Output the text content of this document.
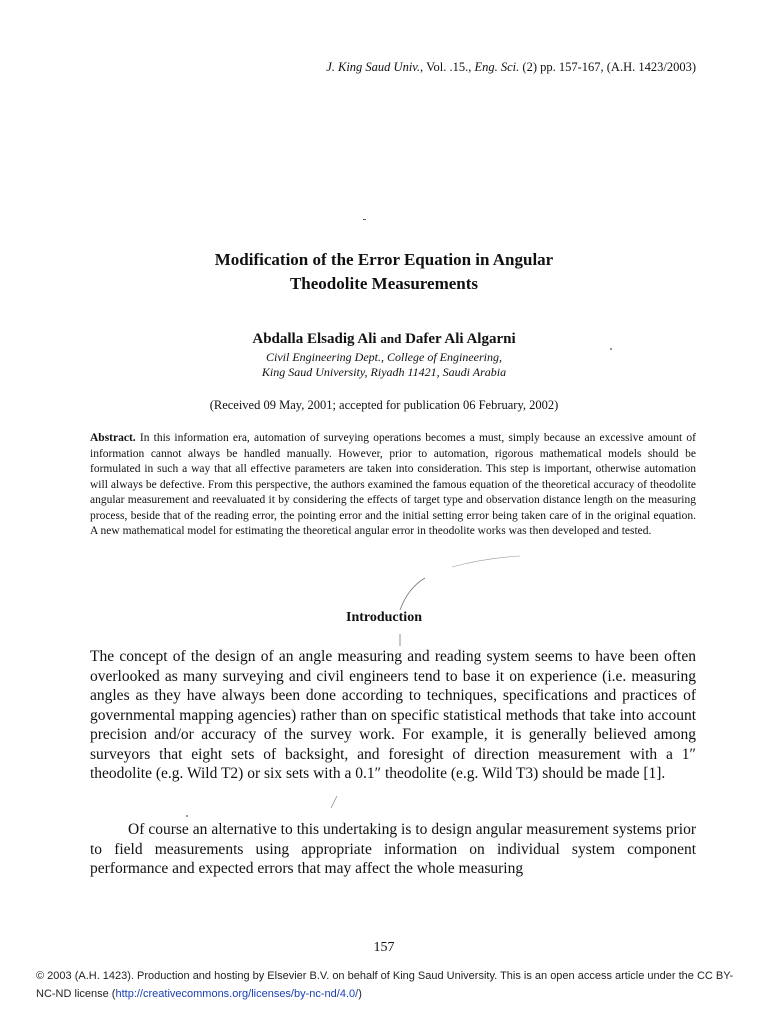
J. King Saud Univ., Vol. .15., Eng. Sci. (2) pp. 157-167, (A.H. 1423/2003)

Modification of the Error Equation in Angular
Theodolite Measurements

Abdalla Elsadig Ali and Dafer Ali Algarni

Civil Engineering Dept., College of Engineering,
King Saud University, Riyadh 11421, Saudi Arabia

(Received 09 May, 2001; accepted for publication 06 February, 2002)

Abstract. In this information era, automation of surveying operations becomes a must, simply because an excessive amount of information cannot always be handled manually. However, prior to automation, rigorous mathematical models should be formulated in such a way that all effective parameters are taken into consideration. This step is important, otherwise automation will always be defective. From this perspective, the authors examined the famous equation of the theoretical accuracy of theodolite angular measurement and reevaluated it by considering the effects of target type and observation distance length on the measuring process, beside that of the reading error, the pointing error and the initial setting error being taken care of in the original equation. A new mathematical model for estimating the theoretical angular error in theodolite works was then developed and tested.

Introduction

The concept of the design of an angle measuring and reading system seems to have been often overlooked as many surveying and civil engineers tend to base it on experience (i.e. measuring angles as they have always been done according to techniques, specifications and practices of governmental mapping agencies) rather than on specific statistical methods that take into account precision and/or accuracy of the survey work. For example, it is generally believed among surveyors that eight sets of backsight, and foresight of direction measurement with a 1″ theodolite (e.g. Wild T2) or six sets with a 0.1″ theodolite (e.g. Wild T3) should be made [1].

Of course an alternative to this undertaking is to design angular measurement systems prior to field measurements using appropriate information on individual system component performance and expected errors that may affect the whole measuring

157

© 2003 (A.H. 1423). Production and hosting by Elsevier B.V. on behalf of King Saud University. This is an open access article under the CC BY-NC-ND license (http://creativecommons.org/licenses/by-nc-nd/4.0/)
